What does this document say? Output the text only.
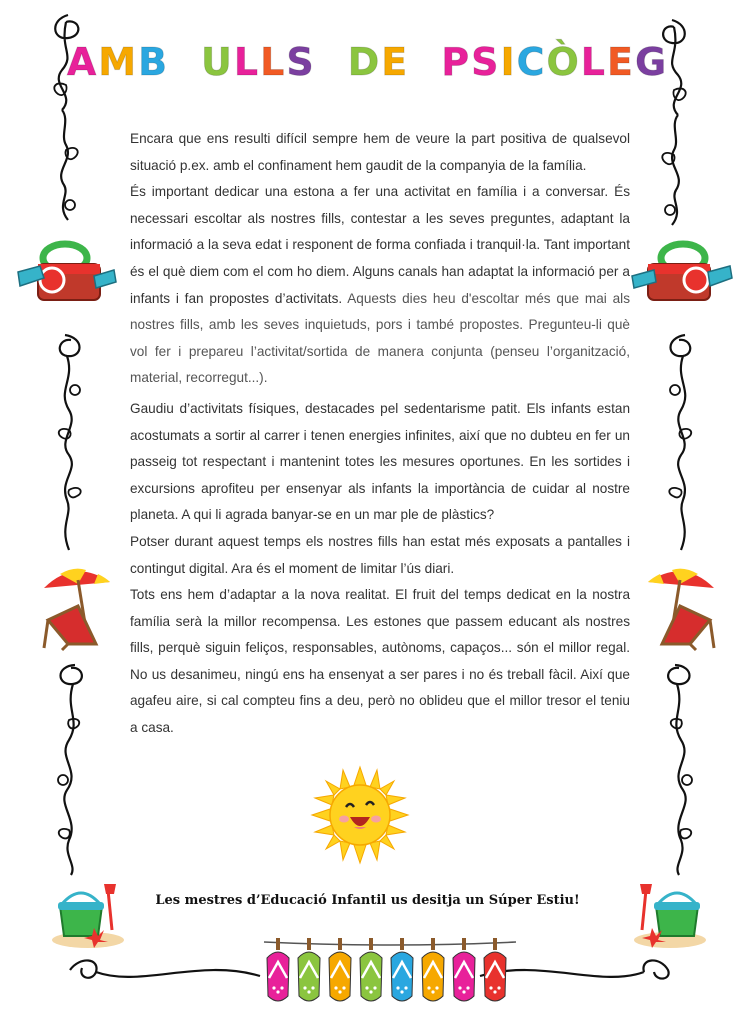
AMB ULLS DE PSICÒLEG

Encara que ens resulti difícil sempre hem de veure la part positiva de qualsevol situació p.ex. amb el confinament hem gaudit de la companyia de la família.

És important dedicar una estona a fer una activitat en família i a conversar. És necessari escoltar als nostres fills, contestar a les seves preguntes, adaptant la informació a la seva edat i responent de forma confiada i tranquil·la. Tant important és el què diem com el com ho diem. Alguns canals han adaptat la informació per a infants i fan propostes d’activitats. Aquests dies heu d'escoltar més que mai als nostres fills, amb les seves inquietuds, pors i també propostes. Pregunteu-li què vol fer i prepareu l’activitat/sortida de manera conjunta (penseu l’organització, material, recorregut...).

Gaudiu d’activitats físiques, destacades pel sedentarisme patit. Els infants estan acostumats a sortir al carrer i tenen energies infinites, així que no dubteu en fer un passeig tot respectant i mantenint totes les mesures oportunes. En les sortides i excursions aprofiteu per ensenyar als infants la importància de cuidar al nostre planeta. A qui li agrada banyar-se en un mar ple de plàstics?

Potser durant aquest temps els nostres fills han estat més exposats a pantalles i contingut digital. Ara és el moment de limitar l’ús diari.

Tots ens hem d’adaptar a la nova realitat. El fruit del temps dedicat en la nostra família serà la millor recompensa. Les estones que passem educant als nostres fills, perquè siguin feliços, responsables, autònoms, capaços... són el millor regal. No us desanimeu, ningú ens ha ensenyat a ser pares i no és treball fàcil. Així que agafeu aire, si cal compteu fins a deu, però no oblideu que el millor tresor el teniu a casa.

Les mestres d’Educació Infantil us desitja un Súper Estiu!
